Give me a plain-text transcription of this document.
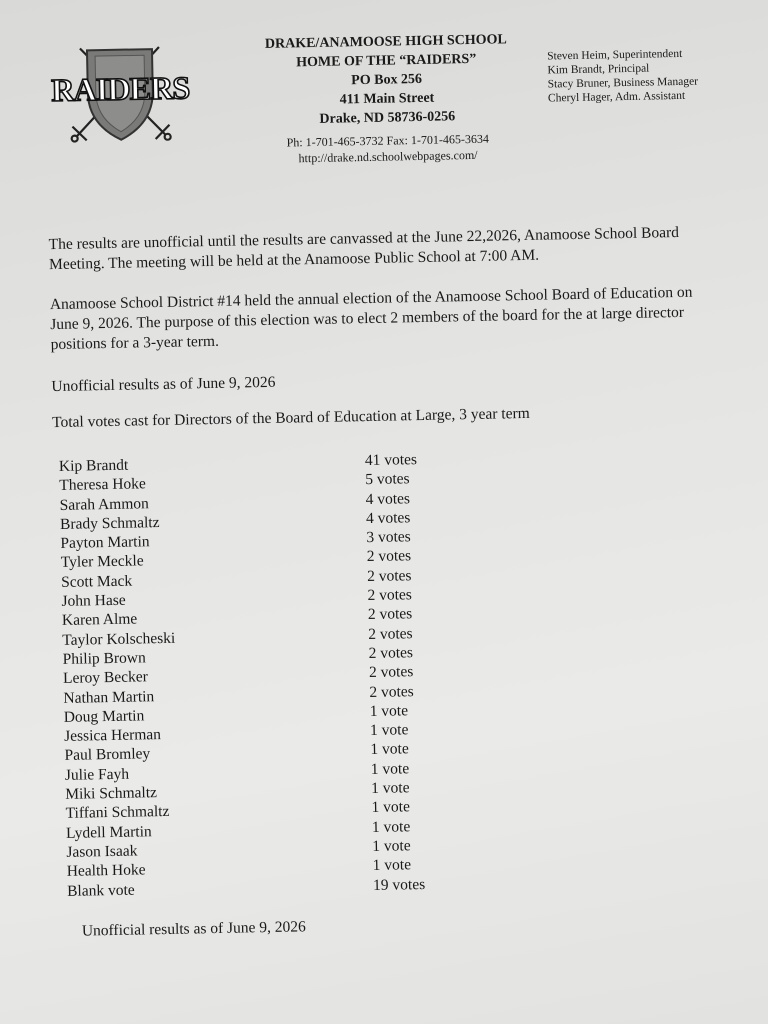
RAIDERS
DRAKE/ANAMOOSE HIGH SCHOOL
HOME OF THE “RAIDERS”
PO Box 256
411 Main Street
Drake, ND 58736-0256
Ph: 1-701-465-3732 Fax: 1-701-465-3634
http://drake.nd.schoolwebpages.com/
Steven Heim, Superintendent
Kim Brandt, Principal
Stacy Bruner, Business Manager
Cheryl Hager, Adm. Assistant
The results are unofficial until the results are canvassed at the June 22,2026, Anamoose School Board Meeting. The meeting will be held at the Anamoose Public School at 7:00 AM.
Anamoose School District #14 held the annual election of the Anamoose School Board of Education on June 9, 2026. The purpose of this election was to elect 2 members of the board for the at large director positions for a 3-year term.
Unofficial results as of June 9, 2026
Total votes cast for Directors of the Board of Education at Large, 3 year term
Kip Brandt	41 votes
Theresa Hoke	5 votes
Sarah Ammon	4 votes
Brady Schmaltz	4 votes
Payton Martin	3 votes
Tyler Meckle	2 votes
Scott Mack	2 votes
John Hase	2 votes
Karen Alme	2 votes
Taylor Kolscheski	2 votes
Philip Brown	2 votes
Leroy Becker	2 votes
Nathan Martin	2 votes
Doug Martin	1 vote
Jessica Herman	1 vote
Paul Bromley	1 vote
Julie Fayh	1 vote
Miki Schmaltz	1 vote
Tiffani Schmaltz	1 vote
Lydell Martin	1 vote
Jason Isaak	1 vote
Health Hoke	1 vote
Blank vote	19 votes
Unofficial results as of June 9, 2026
